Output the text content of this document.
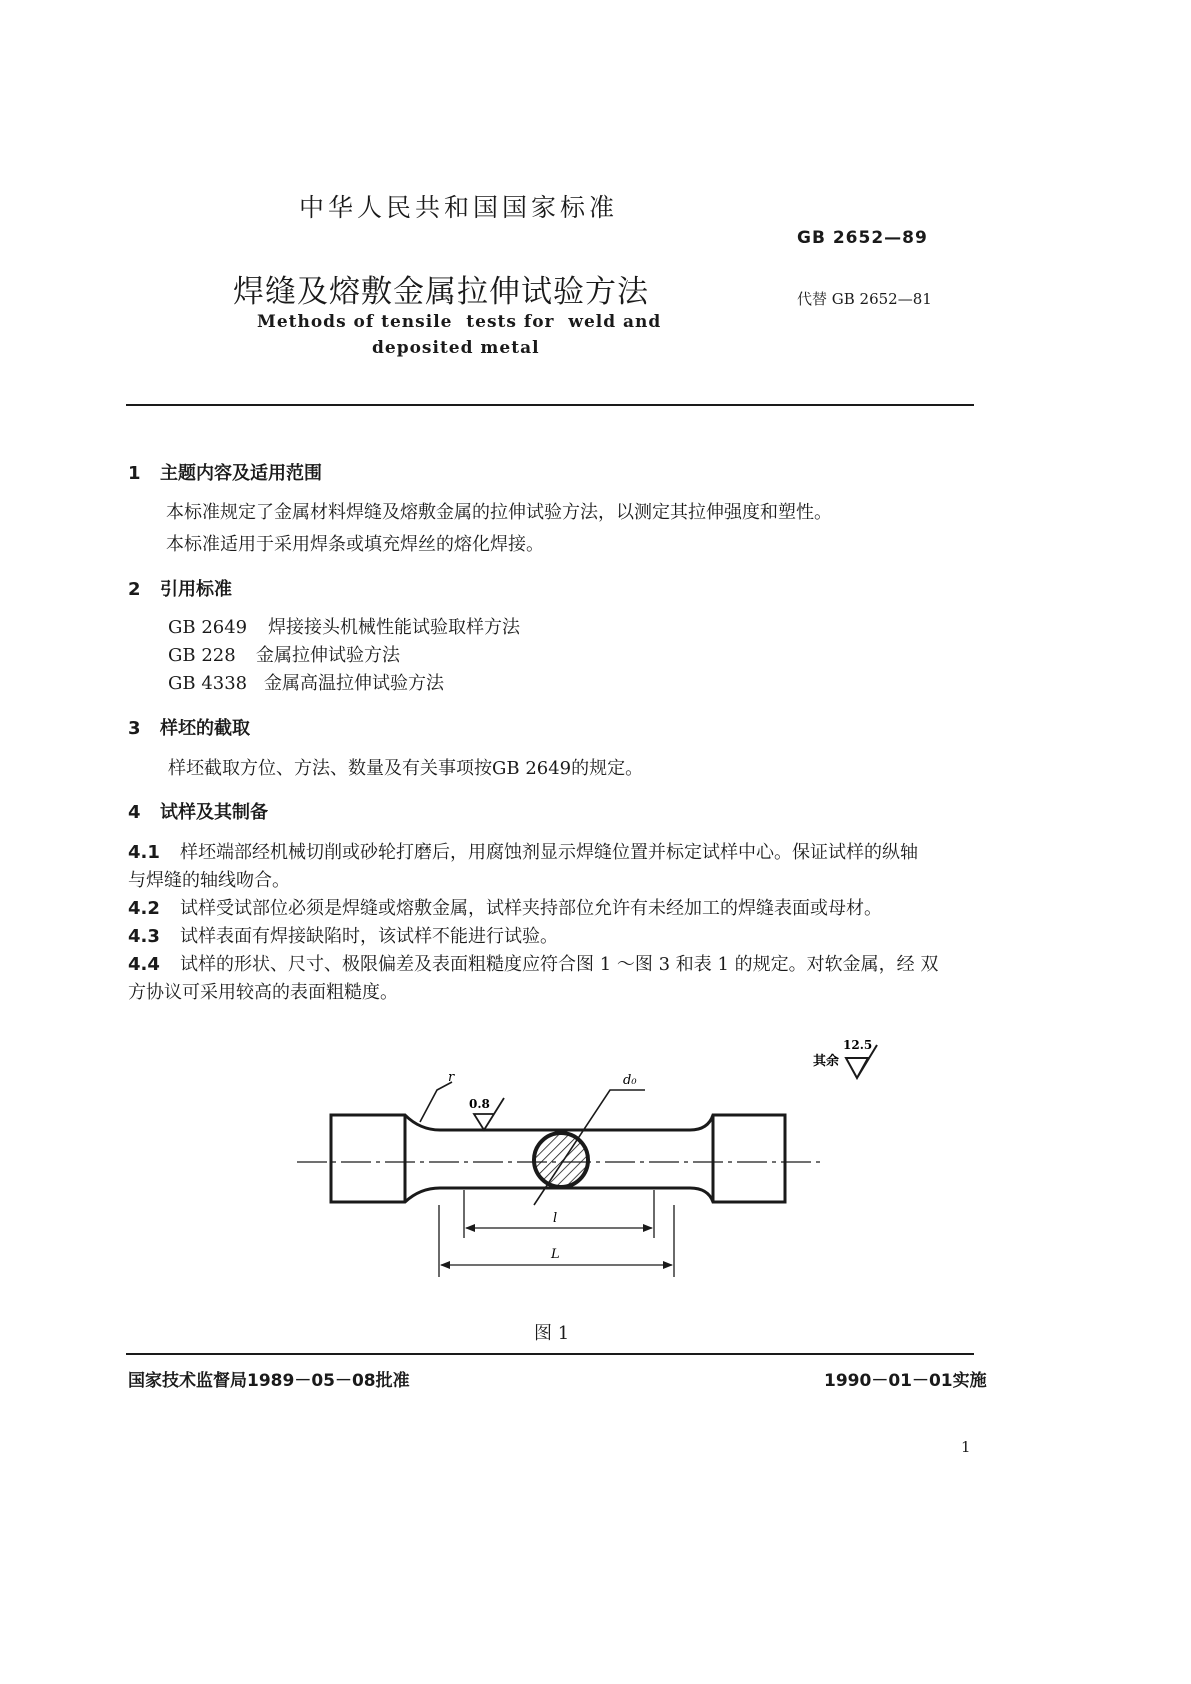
中华人民共和国国家标准
GB 2652—89
焊缝及熔敷金属拉伸试验方法	代替 GB 2652—81
Methods of tensile  tests for  weld and
deposited metal
1 主题内容及适用范围
本标准规定了金属材料焊缝及熔敷金属的拉伸试验方法，以测定其拉伸强度和塑性。
本标准适用于采用焊条或填充焊丝的熔化焊接。
2 引用标准
GB 2649 焊接接头机械性能试验取样方法
GB 228 金属拉伸试验方法
GB 4338 金属高温拉伸试验方法
3 样坯的截取
样坯截取方位、方法、数量及有关事项按GB 2649的规定。
4 试样及其制备
4.1 样坯端部经机械切削或砂轮打磨后，用腐蚀剂显示焊缝位置并标定试样中心。保证试样的纵轴
与焊缝的轴线吻合。
4.2 试样受试部位必须是焊缝或熔敷金属，试样夹持部位允许有未经加工的焊缝表面或母材。
4.3 试样表面有焊接缺陷时，该试样不能进行试验。
4.4 试样的形状、尺寸、极限偏差及表面粗糙度应符合图 1 ～图 3 和表 1 的规定。对软金属，经 双
方协议可采用较高的表面粗糙度。
其余
12.5
d₀
r
0.8
l
L
图 1
国家技术监督局1989－05－08批准	1990－01－01实施
1
